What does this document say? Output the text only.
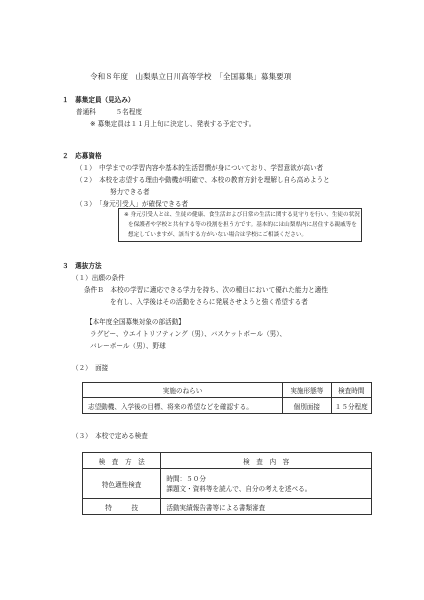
令和８年度　山梨県立日川高等学校　「全国募集」募集要項
１　募集定員（見込み）
普通科　　　５名程度
※ 募集定員は１１月上旬に決定し、発表する予定です。
２　応募資格
（１）　中学までの学習内容や基本的生活習慣が身についており、学習意欲が高い者
（２）　本校を志望する理由や動機が明確で、本校の教育方針を理解し自ら高めようと
努力できる者
（３）　「身元引受人」が確保できる者
※ 身元引受人とは、生徒の健康、食生活および日常の生活に関する見守りを行い、生徒の状況
を保護者や学校と共有する等の役割を担う方です。基本的には山梨県内に居住する親戚等を
想定していますが、該当する方がいない場合は学校にご相談ください。
３　選抜方法
（１）出願の条件
条件Ｂ　本校の学習に適応できる学力を持ち、次の種目において優れた能力と適性
を有し、入学後はその活動をさらに発展させようと強く希望する者
【本年度全国募集対象の部活動】
ラグビー、ウエイトリフティング（男）、バスケットボール（男）、
バレーボール（男）、野球
（２）　面接
実施のねらい	実施形態等	検査時間
志望動機、入学後の目標、将来の希望などを確認する。	個別面接	１５分程度
（３）　本校で定める検査
検　査　方　法	検　査　内　容
特色適性検査	時間：５０分
課題文・資料等を読んで、自分の考えを述べる。

特　　　技	活動実績報告書等による書類審査
